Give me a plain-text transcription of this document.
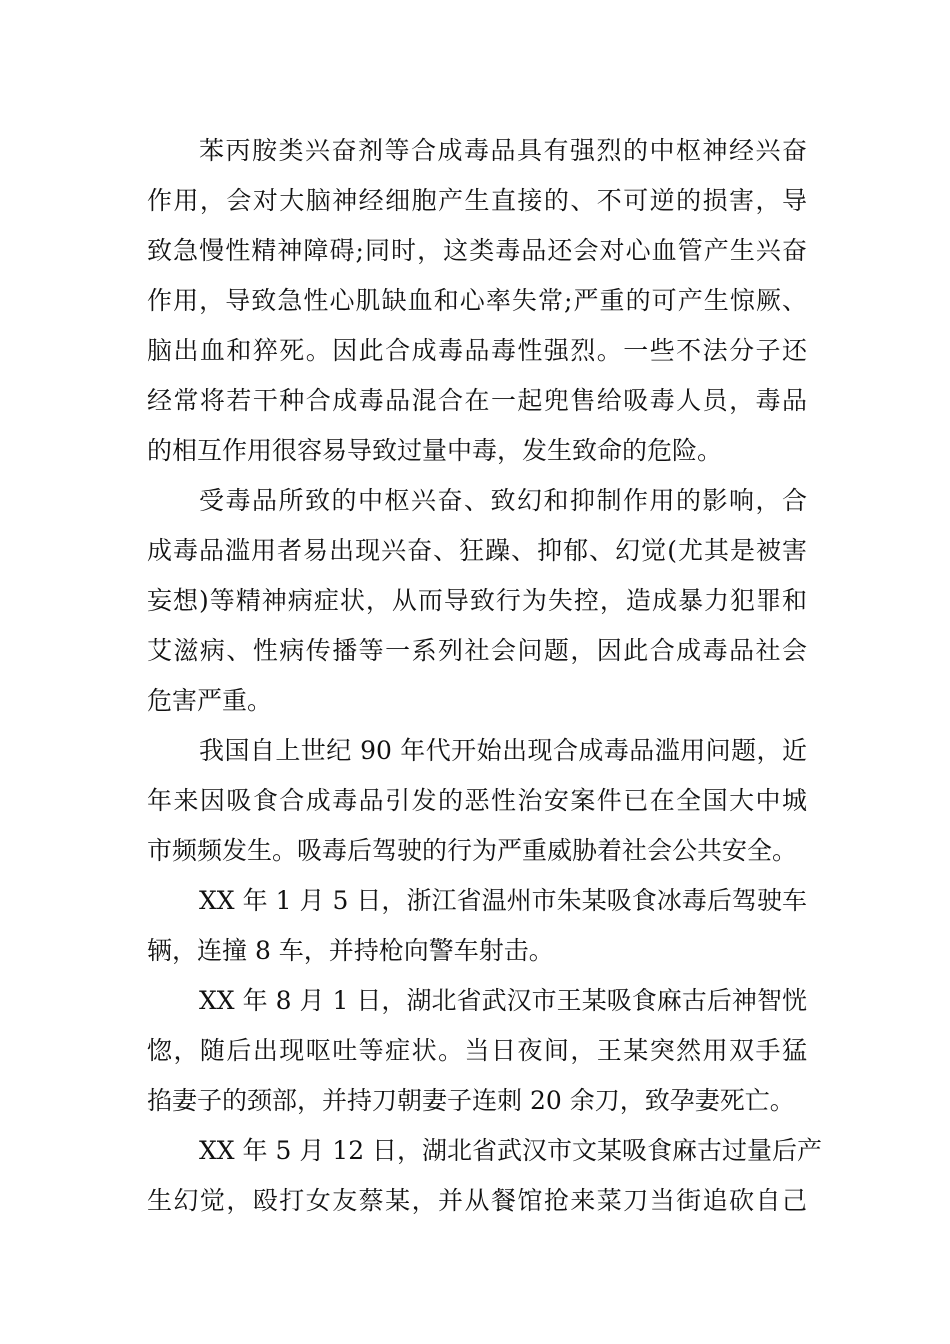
苯丙胺类兴奋剂等合成毒品具有强烈的中枢神经兴奋
作用，会对大脑神经细胞产生直接的、不可逆的损害，导
致急慢性精神障碍;同时，这类毒品还会对心血管产生兴奋
作用，导致急性心肌缺血和心率失常;严重的可产生惊厥、
脑出血和猝死。因此合成毒品毒性强烈。一些不法分子还
经常将若干种合成毒品混合在一起兜售给吸毒人员，毒品
的相互作用很容易导致过量中毒，发生致命的危险。
受毒品所致的中枢兴奋、致幻和抑制作用的影响，合
成毒品滥用者易出现兴奋、狂躁、抑郁、幻觉(尤其是被害
妄想)等精神病症状，从而导致行为失控，造成暴力犯罪和
艾滋病、性病传播等一系列社会问题，因此合成毒品社会
危害严重。
我国自上世纪 90 年代开始出现合成毒品滥用问题，近
年来因吸食合成毒品引发的恶性治安案件已在全国大中城
市频频发生。吸毒后驾驶的行为严重威胁着社会公共安全。
XX 年 1 月 5 日，浙江省温州市朱某吸食冰毒后驾驶车
辆，连撞 8 车，并持枪向警车射击。
XX 年 8 月 1 日，湖北省武汉市王某吸食麻古后神智恍
惚，随后出现呕吐等症状。当日夜间，王某突然用双手猛
掐妻子的颈部，并持刀朝妻子连刺 20 余刀，致孕妻死亡。
XX 年 5 月 12 日，湖北省武汉市文某吸食麻古过量后产
生幻觉，殴打女友蔡某，并从餐馆抢来菜刀当街追砍自己
